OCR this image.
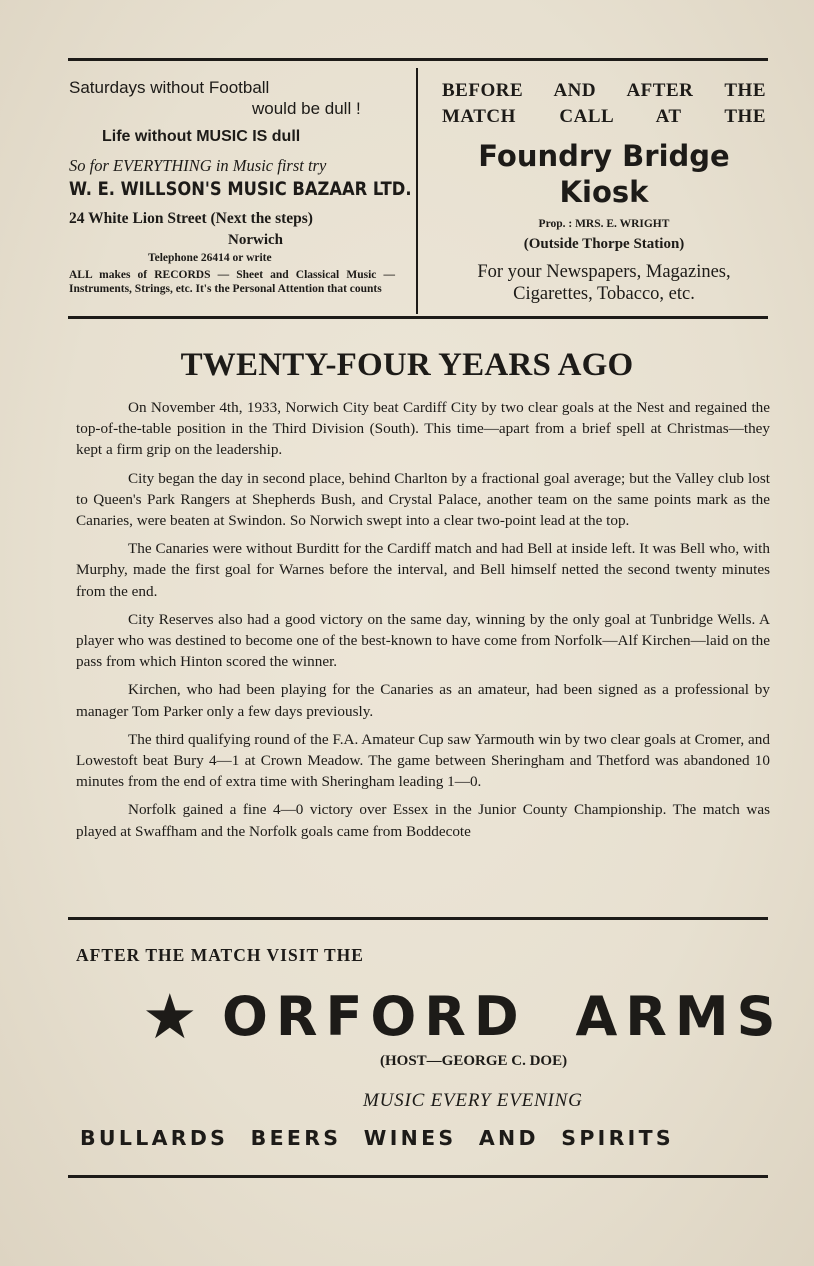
Saturdays without Football
would be dull !
Life without MUSIC IS dull
So for EVERYTHING in Music first try
W. E. WILLSON'S MUSIC BAZAAR LTD.
24 White Lion Street (Next the steps)
Norwich
Telephone 26414 or write
ALL makes of RECORDS — Sheet and Classical Music — Instruments, Strings, etc. It's the Personal Attention that counts
BEFORE AND AFTER THE MATCH CALL AT THE
Foundry Bridge
Kiosk
Prop. : MRS. E. WRIGHT
(Outside Thorpe Station)
For your Newspapers, Magazines, Cigarettes, Tobacco, etc.
TWENTY-FOUR YEARS AGO

On November 4th, 1933, Norwich City beat Cardiff City by two clear goals at the Nest and regained the top-of-the-table position in the Third Division (South). This time—apart from a brief spell at Christmas—they kept a firm grip on the leadership.

City began the day in second place, behind Charlton by a fractional goal average; but the Valley club lost to Queen's Park Rangers at Shepherds Bush, and Crystal Palace, another team on the same points mark as the Canaries, were beaten at Swindon. So Norwich swept into a clear two-point lead at the top.

The Canaries were without Burditt for the Cardiff match and had Bell at inside left. It was Bell who, with Murphy, made the first goal for Warnes before the interval, and Bell himself netted the second twenty minutes from the end.

City Reserves also had a good victory on the same day, winning by the only goal at Tunbridge Wells. A player who was destined to become one of the best-known to have come from Norfolk—Alf Kirchen—laid on the pass from which Hinton scored the winner.

Kirchen, who had been playing for the Canaries as an amateur, had been signed as a professional by manager Tom Parker only a few days previously.

The third qualifying round of the F.A. Amateur Cup saw Yarmouth win by two clear goals at Cromer, and Lowestoft beat Bury 4—1 at Crown Meadow. The game between Sheringham and Thetford was abandoned 10 minutes from the end of extra time with Sheringham leading 1—0.

Norfolk gained a fine 4—0 victory over Essex in the Junior County Championship. The match was played at Swaffham and the Norfolk goals came from Boddecote

AFTER THE MATCH VISIT THE
★ ORFORD ARMS
(HOST—GEORGE C. DOE)
MUSIC EVERY EVENING
BULLARDS BEERS WINES AND SPIRITS
